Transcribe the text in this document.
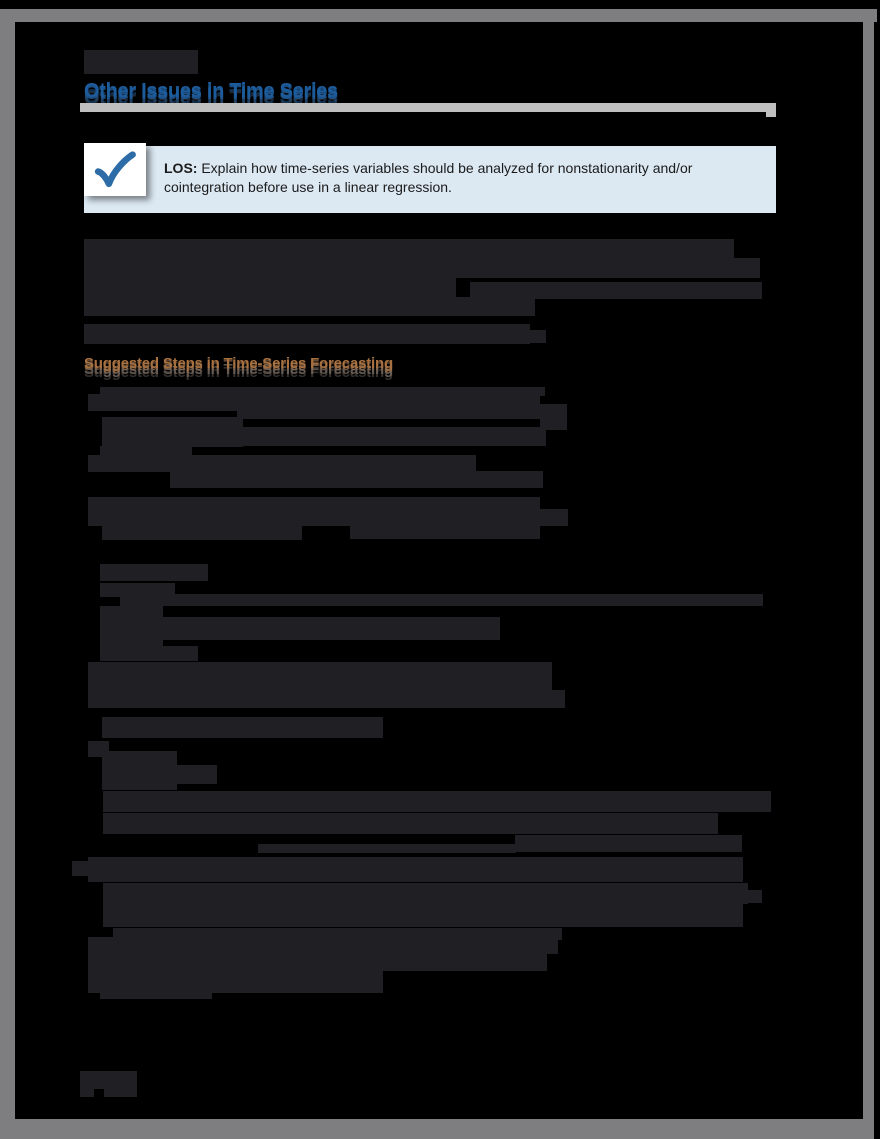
Other Issues in Time Series
LOS: Explain how time-series variables should be analyzed for nonstationarity and/or
cointegration before use in a linear regression.
Suggested Steps in Time-Series Forecasting
